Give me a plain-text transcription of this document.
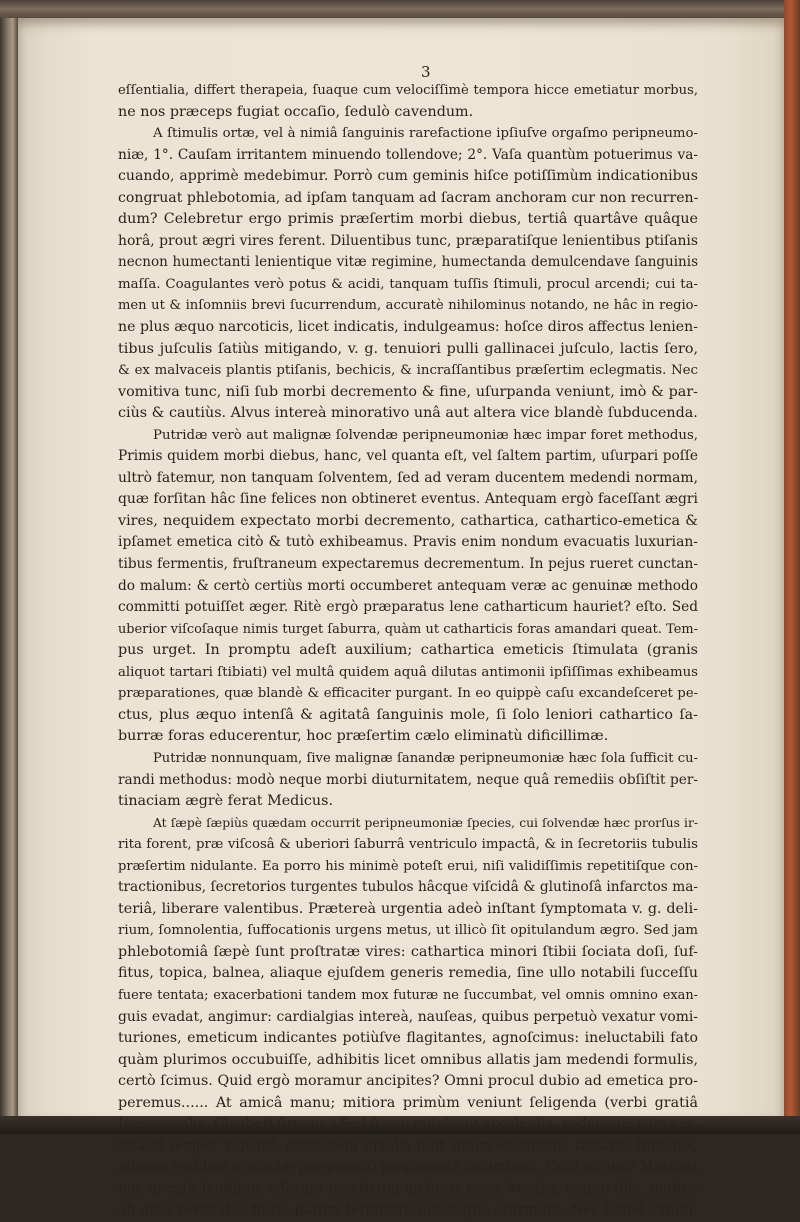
3
eſſentialia, differt therapeia, ſuaque cum velociſſimè tempora hicce emetiatur morbus,
ne nos præceps fugiat occaſio, ſedulò cavendum.
A ſtimulis ortæ, vel à nimiâ ſanguinis rarefactione ipſiuſve orgaſmo peripneumo-
niæ, 1°. Cauſam irritantem minuendo tollendove; 2°. Vaſa quantùm potuerimus va-
cuando, apprimè medebimur. Porrò cum geminis hiſce potiſſimùm indicationibus
congruat phlebotomia, ad ipſam tanquam ad ſacram anchoram cur non recurren-
dum? Celebretur ergo primis præſertim morbi diebus, tertiâ quartâve quâque
horâ, prout ægri vires ferent. Diluentibus tunc, præparatiſque lenientibus ptiſanis
necnon humectanti lenientique vitæ regimine, humectanda demulcendave ſanguinis
maſſa. Coagulantes verò potus & acidi, tanquam tuſſis ſtimuli, procul arcendi; cui ta-
men ut & inſomniis brevi ſucurrendum, accuratè nihilominus notando, ne hâc in regio-
ne plus æquo narcoticis, licet indicatis, indulgeamus: hoſce diros affectus lenien-
tibus juſculis ſatiùs mitigando, v. g. tenuiori pulli gallinacei juſculo, lactis ſero,
& ex malvaceis plantis ptiſanis, bechicis, & incraſſantibus præſertim eclegmatis. Nec
vomitiva tunc, niſi ſub morbi decremento & fine, uſurpanda veniunt, imò & par-
ciùs & cautiùs. Alvus intereà minorativo unâ aut altera vice blandè ſubducenda.
Putridæ verò aut malignæ ſolvendæ peripneumoniæ hæc impar foret methodus,
Primis quidem morbi diebus, hanc, vel quanta eſt, vel ſaltem partim, uſurpari poſſe
ultrò fatemur, non tanquam ſolventem, ſed ad veram ducentem medendi normam,
quæ forſitan hâc ſine felices non obtineret eventus. Antequam ergò faceſſant ægri
vires, nequidem expectato morbi decremento, cathartica, cathartico-emetica &
ipſamet emetica citò & tutò exhibeamus. Pravis enim nondum evacuatis luxurian-
tibus fermentis, fruſtraneum expectaremus decrementum. In pejus rueret cunctan-
do malum: & certò certiùs morti occumberet antequam veræ ac genuinæ methodo
committi potuiſſet æger. Ritè ergò præparatus lene catharticum hauriet? eſto. Sed
uberior viſcoſaque nimis turget ſaburra, quàm ut catharticis foras amandari queat. Tem-
pus urget. In promptu adeſt auxilium; cathartica emeticis ſtimulata (granis
aliquot tartari ſtibiati) vel multâ quidem aquâ dilutas antimonii ipſiſſimas exhibeamus
præparationes, quæ blandè & efficaciter purgant. In eo quippè caſu excandeſceret pe-
ctus, plus æquo intenſâ & agitatâ ſanguinis mole, ſi ſolo leniori cathartico ſa-
burræ foras educerentur, hoc præſertim cælo eliminatù dificillimæ.
Putridæ nonnunquam, ſive malignæ ſanandæ peripneumoniæ hæc ſola ſufficit cu-
randi methodus: modò neque morbi diuturnitatem, neque quâ remediis obſiſtit per-
tinaciam ægrè ferat Medicus.
At ſæpè ſæpiùs quædam occurrit peripneumoniæ ſpecies, cui ſolvendæ hæc prorſus ir-
rita forent, præ viſcosâ & uberiori ſaburrâ ventriculo impactâ, & in ſecretoriis tubulis
præſertim nidulante. Ea porro his minimè poteſt erui, niſi validiſſimis repetitiſque con-
tractionibus, ſecretorios turgentes tubulos hâcque viſcidâ & glutinoſâ infarctos ma-
teriâ, liberare valentibus. Prætereà urgentia adeò inſtant ſymptomata v. g. deli-
rium, ſomnolentia, ſuffocationis urgens metus, ut illicò ſit opitulandum ægro. Sed jam
phlebotomiâ ſæpè ſunt proſtratæ vires: cathartica minori ſtibii ſociata doſi, ſuf-
fitus, topica, balnea, aliaque ejuſdem generis remedia, ſine ullo notabili ſucceſſu
fuere tentata; exacerbationi tandem mox futuræ ne ſuccumbat, vel omnis omnino exan-
guis evadat, angimur: cardialgias intereà, nauſeas, quibus perpetuò vexatur vomi-
turiones, emeticum indicantes potiùſve flagitantes, agnoſcimus: ineluctabili fato
quàm plurimos occubuiſſe, adhibitis licet omnibus allatis jam medendi formulis,
certò ſcimus. Quid ergò moramur ancipites? Omni procul dubio ad emetica pro-
peremus...... At amicâ manu; mitiora primùm veniunt ſeligenda (verbi gratiâ
Ipecacuanha, Glauberi ſirupus.) Sed ſi non miteſcant accidentia, eademque cum per-
tinaciâ ſemper vigeant; efficaciora (qualia ſunt vinum emeticum, tartarus ſtibiatus,
aliaque ejuſdem proſapiæ præparata) propinanda incumbunt. Quid mirum? Maximis
hoc in caſu laudibus efferunt emeticum melioris notæ Medici, eoque ſolo, multos
ab orco revocatos fuiſſe paſſim teſtantur, ſanctèque affirmant. Nec ſemel exhibi-
